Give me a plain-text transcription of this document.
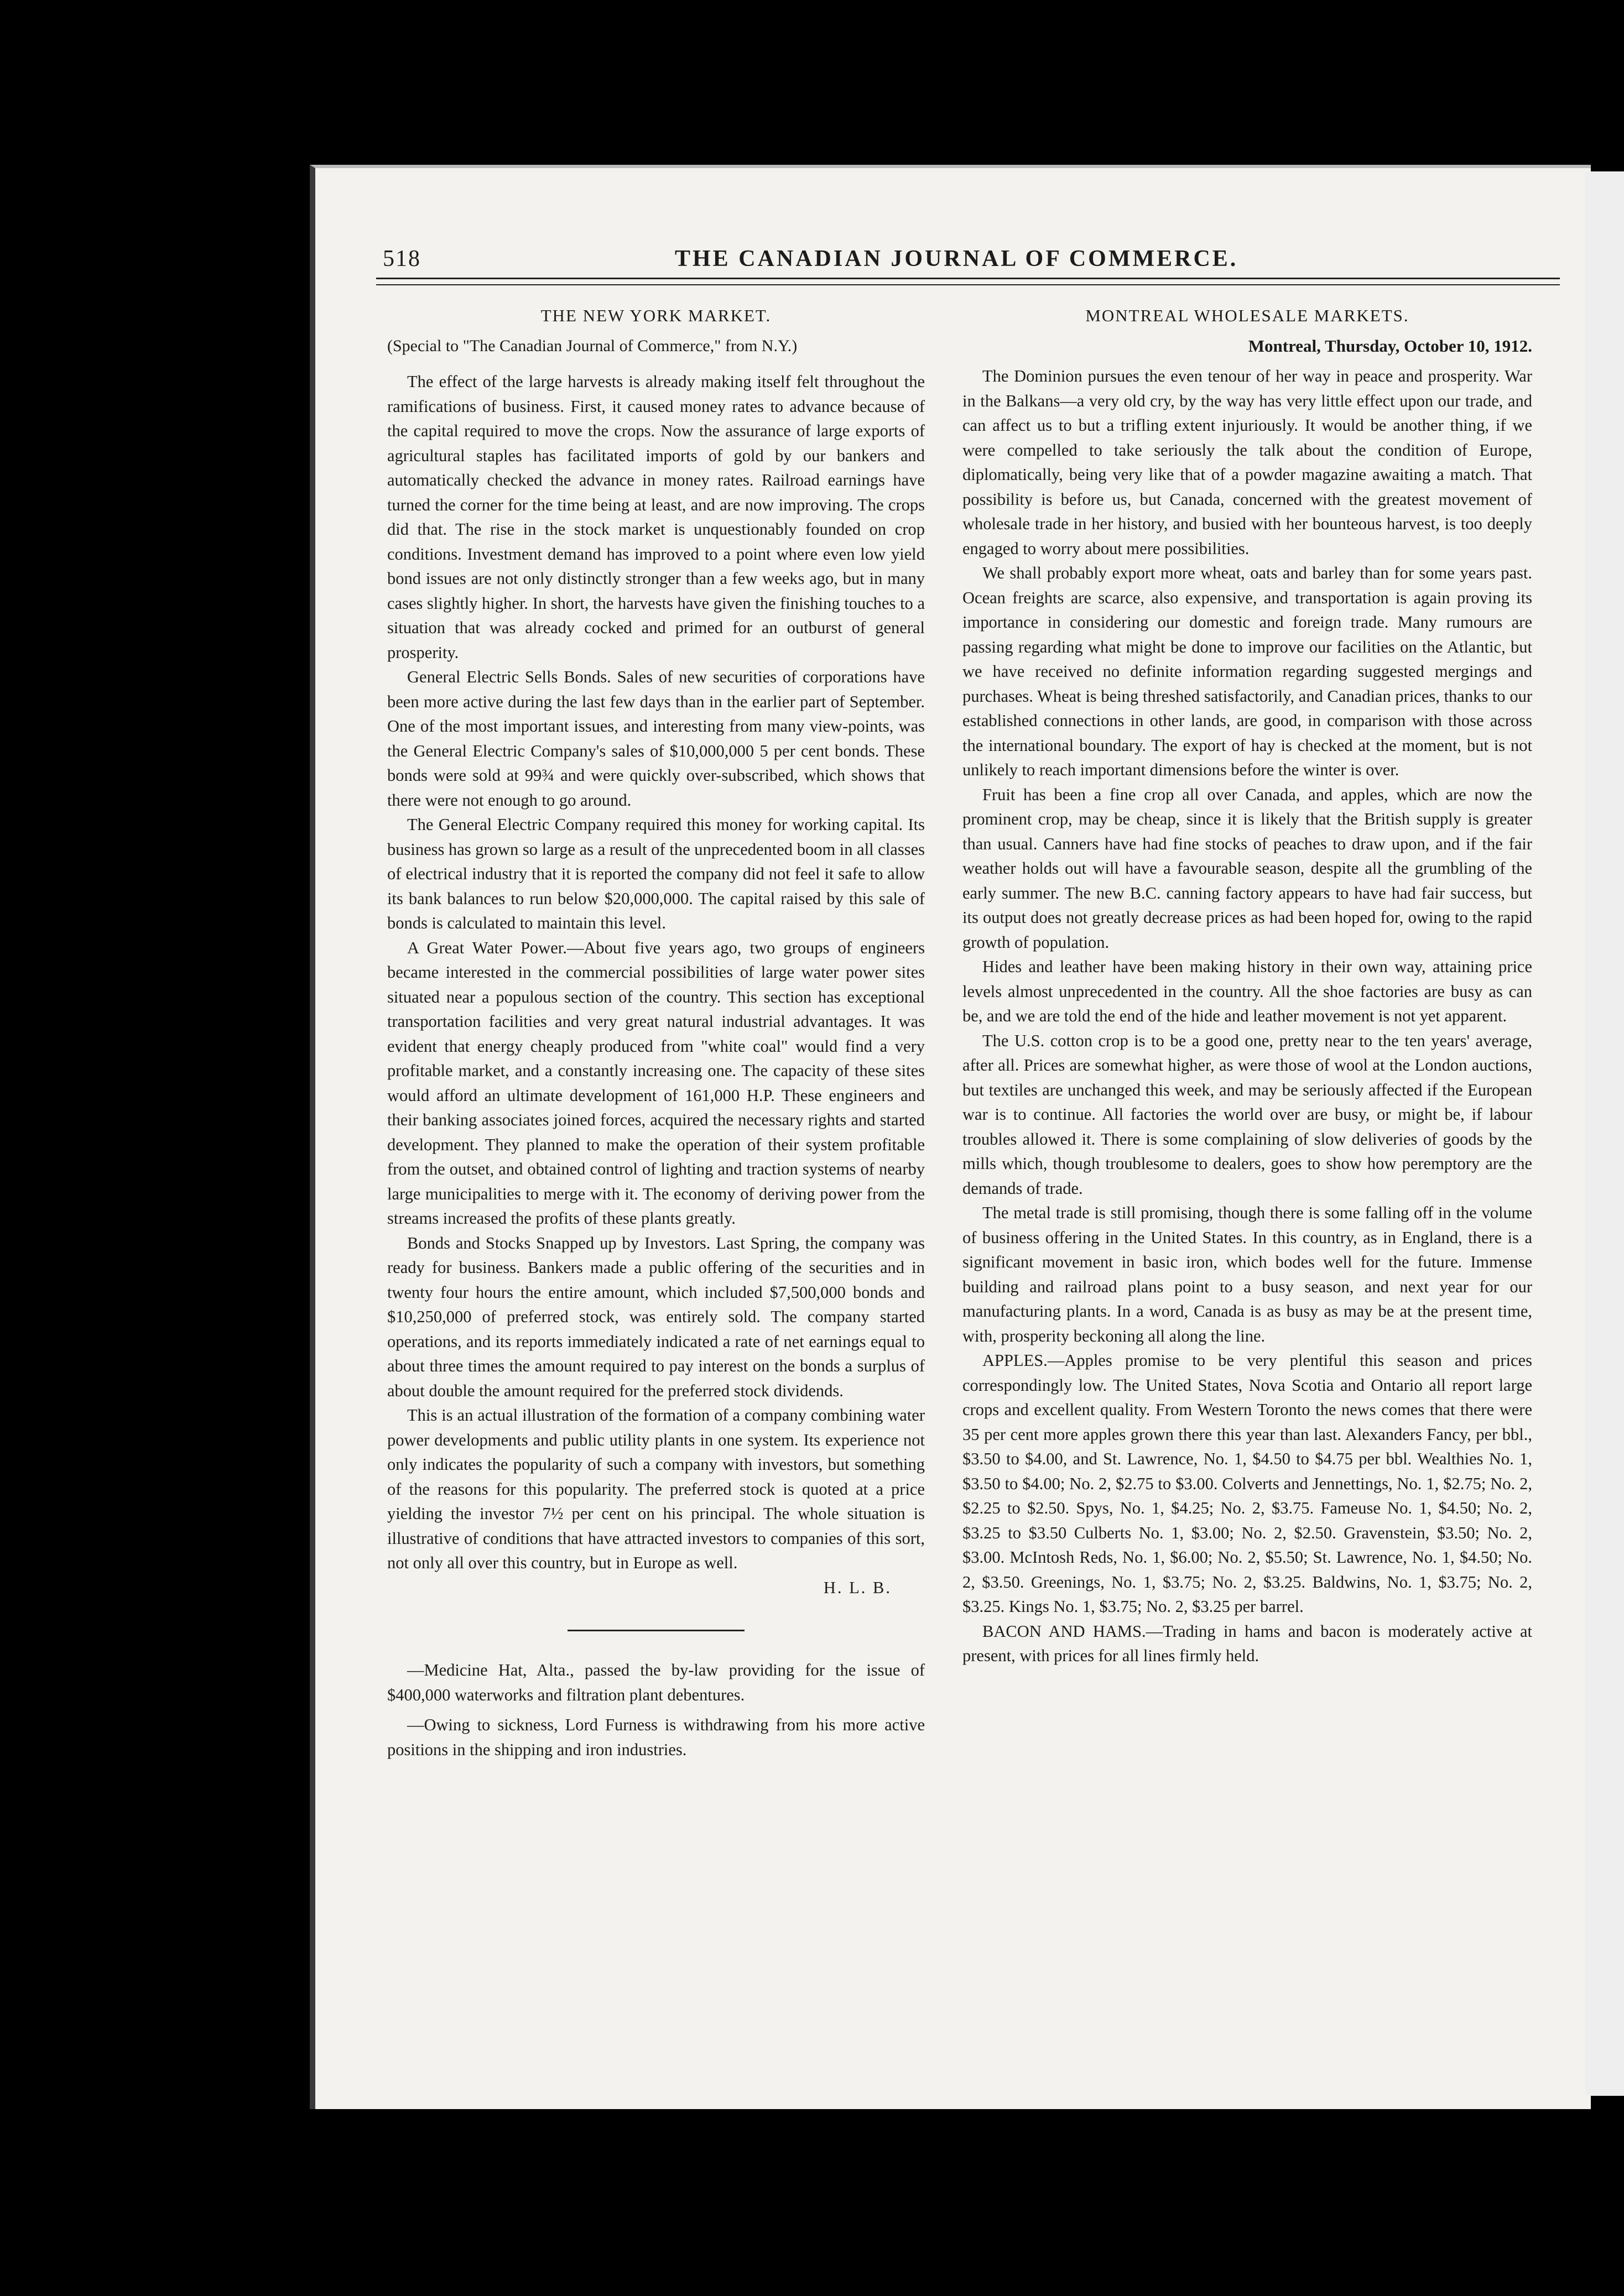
518	THE CANADIAN JOURNAL OF COMMERCE.
THE NEW YORK MARKET.
(Special to "The Canadian Journal of Commerce," from N.Y.)

The effect of the large harvests is already making itself felt throughout the ramifications of business. First, it caused money rates to advance because of the capital required to move the crops. Now the assurance of large exports of agricultural staples has facilitated imports of gold by our bankers and automatically checked the advance in money rates. Railroad earnings have turned the corner for the time being at least, and are now improving. The crops did that. The rise in the stock market is unquestionably founded on crop conditions. Investment demand has improved to a point where even low yield bond issues are not only distinctly stronger than a few weeks ago, but in many cases slightly higher. In short, the harvests have given the finishing touches to a situation that was already cocked and primed for an outburst of general prosperity.

General Electric Sells Bonds. Sales of new securities of corporations have been more active during the last few days than in the earlier part of September. One of the most important issues, and interesting from many view-points, was the General Electric Company's sales of $10,000,000 5 per cent bonds. These bonds were sold at 99¾ and were quickly over-subscribed, which shows that there were not enough to go around.

The General Electric Company required this money for working capital. Its business has grown so large as a result of the unprecedented boom in all classes of electrical industry that it is reported the company did not feel it safe to allow its bank balances to run below $20,000,000. The capital raised by this sale of bonds is calculated to maintain this level.

A Great Water Power.—About five years ago, two groups of engineers became interested in the commercial possibilities of large water power sites situated near a populous section of the country. This section has exceptional transportation facilities and very great natural industrial advantages. It was evident that energy cheaply produced from "white coal" would find a very profitable market, and a constantly increasing one. The capacity of these sites would afford an ultimate development of 161,000 H.P. These engineers and their banking associates joined forces, acquired the necessary rights and started development. They planned to make the operation of their system profitable from the outset, and obtained control of lighting and traction systems of nearby large municipalities to merge with it. The economy of deriving power from the streams increased the profits of these plants greatly.

Bonds and Stocks Snapped up by Investors. Last Spring, the company was ready for business. Bankers made a public offering of the securities and in twenty four hours the entire amount, which included $7,500,000 bonds and $10,250,000 of preferred stock, was entirely sold. The company started operations, and its reports immediately indicated a rate of net earnings equal to about three times the amount required to pay interest on the bonds a surplus of about double the amount required for the preferred stock dividends.

This is an actual illustration of the formation of a company combining water power developments and public utility plants in one system. Its experience not only indicates the popularity of such a company with investors, but something of the reasons for this popularity. The preferred stock is quoted at a price yielding the investor 7½ per cent on his principal. The whole situation is illustrative of conditions that have attracted investors to companies of this sort, not only all over this country, but in Europe as well.

H. L. B.

—Medicine Hat, Alta., passed the by-law providing for the issue of $400,000 waterworks and filtration plant debentures.

—Owing to sickness, Lord Furness is withdrawing from his more active positions in the shipping and iron industries.

MONTREAL WHOLESALE MARKETS.
Montreal, Thursday, October 10, 1912.

The Dominion pursues the even tenour of her way in peace and prosperity. War in the Balkans—a very old cry, by the way has very little effect upon our trade, and can affect us to but a trifling extent injuriously. It would be another thing, if we were compelled to take seriously the talk about the condition of Europe, diplomatically, being very like that of a powder magazine awaiting a match. That possibility is before us, but Canada, concerned with the greatest movement of wholesale trade in her history, and busied with her bounteous harvest, is too deeply engaged to worry about mere possibilities.

We shall probably export more wheat, oats and barley than for some years past. Ocean freights are scarce, also expensive, and transportation is again proving its importance in considering our domestic and foreign trade. Many rumours are passing regarding what might be done to improve our facilities on the Atlantic, but we have received no definite information regarding suggested mergings and purchases. Wheat is being threshed satisfactorily, and Canadian prices, thanks to our established connections in other lands, are good, in comparison with those across the international boundary. The export of hay is checked at the moment, but is not unlikely to reach important dimensions before the winter is over.

Fruit has been a fine crop all over Canada, and apples, which are now the prominent crop, may be cheap, since it is likely that the British supply is greater than usual. Canners have had fine stocks of peaches to draw upon, and if the fair weather holds out will have a favourable season, despite all the grumbling of the early summer. The new B.C. canning factory appears to have had fair success, but its output does not greatly decrease prices as had been hoped for, owing to the rapid growth of population.

Hides and leather have been making history in their own way, attaining price levels almost unprecedented in the country. All the shoe factories are busy as can be, and we are told the end of the hide and leather movement is not yet apparent.

The U.S. cotton crop is to be a good one, pretty near to the ten years' average, after all. Prices are somewhat higher, as were those of wool at the London auctions, but textiles are unchanged this week, and may be seriously affected if the European war is to continue. All factories the world over are busy, or might be, if labour troubles allowed it. There is some complaining of slow deliveries of goods by the mills which, though troublesome to dealers, goes to show how peremptory are the demands of trade.

The metal trade is still promising, though there is some falling off in the volume of business offering in the United States. In this country, as in England, there is a significant movement in basic iron, which bodes well for the future. Immense building and railroad plans point to a busy season, and next year for our manufacturing plants. In a word, Canada is as busy as may be at the present time, with, prosperity beckoning all along the line.

APPLES.—Apples promise to be very plentiful this season and prices correspondingly low. The United States, Nova Scotia and Ontario all report large crops and excellent quality. From Western Toronto the news comes that there were 35 per cent more apples grown there this year than last. Alexanders Fancy, per bbl., $3.50 to $4.00, and St. Lawrence, No. 1, $4.50 to $4.75 per bbl. Wealthies No. 1, $3.50 to $4.00; No. 2, $2.75 to $3.00. Colverts and Jennettings, No. 1, $2.75; No. 2, $2.25 to $2.50. Spys, No. 1, $4.25; No. 2, $3.75. Fameuse No. 1, $4.50; No. 2, $3.25 to $3.50 Culberts No. 1, $3.00; No. 2, $2.50. Gravenstein, $3.50; No. 2, $3.00. McIntosh Reds, No. 1, $6.00; No. 2, $5.50; St. Lawrence, No. 1, $4.50; No. 2, $3.50. Greenings, No. 1, $3.75; No. 2, $3.25. Baldwins, No. 1, $3.75; No. 2, $3.25. Kings No. 1, $3.75; No. 2, $3.25 per barrel.

BACON AND HAMS.—Trading in hams and bacon is moderately active at present, with prices for all lines firmly held.
